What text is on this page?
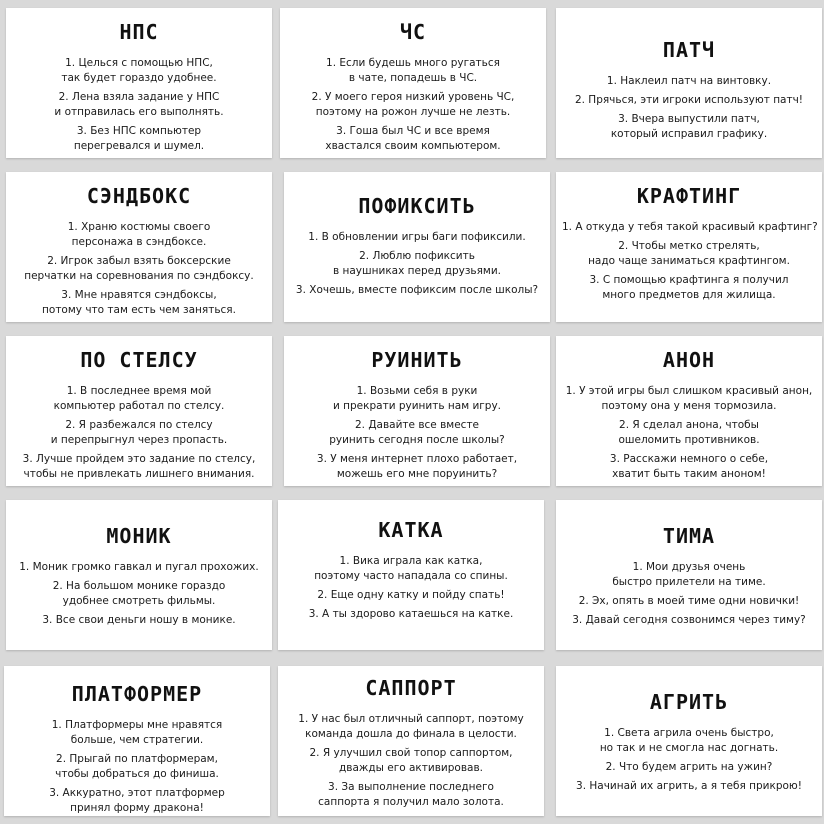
НПС
1. Целься с помощью НПС,
так будет гораздо удобнее.
2. Лена взяла задание у НПС
и отправилась его выполнять.
3. Без НПС компьютер
перегревался и шумел.
ЧС
1. Если будешь много ругаться
в чате, попадешь в ЧС.
2. У моего героя низкий уровень ЧС,
поэтому на рожон лучше не лезть.
3. Гоша был ЧС и все время
хвастался своим компьютером.
ПАТЧ
1. Наклеил патч на винтовку.
2. Прячься, эти игроки используют патч!
3. Вчера выпустили патч,
который исправил графику.
СЭНДБОКС
1. Храню костюмы своего
персонажа в сэндбоксе.
2. Игрок забыл взять боксерские
перчатки на соревнования по сэндбоксу.
3. Мне нравятся сэндбоксы,
потому что там есть чем заняться.
ПОФИКСИТЬ
1. В обновлении игры баги пофиксили.
2. Люблю пофиксить
в наушниках перед друзьями.
3. Хочешь, вместе пофиксим после школы?
КРАФТИНГ
1. А откуда у тебя такой красивый крафтинг?
2. Чтобы метко стрелять,
надо чаще заниматься крафтингом.
3. С помощью крафтинга я получил
много предметов для жилища.
ПО СТЕЛСУ
1. В последнее время мой
компьютер работал по стелсу.
2. Я разбежался по стелсу
и перепрыгнул через пропасть.
3. Лучше пройдем это задание по стелсу,
чтобы не привлекать лишнего внимания.
РУИНИТЬ
1. Возьми себя в руки
и прекрати руинить нам игру.
2. Давайте все вместе
руинить сегодня после школы?
3. У меня интернет плохо работает,
можешь его мне поруинить?
АНОН
1. У этой игры был слишком красивый анон,
поэтому она у меня тормозила.
2. Я сделал анона, чтобы
ошеломить противников.
3. Расскажи немного о себе,
хватит быть таким аноном!
МОНИК
1. Моник громко гавкал и пугал прохожих.
2. На большом монике гораздо
удобнее смотреть фильмы.
3. Все свои деньги ношу в монике.
КАТКА
1. Вика играла как катка,
поэтому часто нападала со спины.
2. Еще одну катку и пойду спать!
3. А ты здорово катаешься на катке.
ТИМА
1. Мои друзья очень
быстро прилетели на тиме.
2. Эх, опять в моей тиме одни новички!
3. Давай сегодня созвонимся через тиму?
ПЛАТФОРМЕР
1. Платформеры мне нравятся
больше, чем стратегии.
2. Прыгай по платформерам,
чтобы добраться до финиша.
3. Аккуратно, этот платформер
принял форму дракона!
САППОРТ
1. У нас был отличный саппорт, поэтому
команда дошла до финала в целости.
2. Я улучшил свой топор саппортом,
дважды его активировав.
3. За выполнение последнего
саппорта я получил мало золота.
АГРИТЬ
1. Света агрила очень быстро,
но так и не смогла нас догнать.
2. Что будем агрить на ужин?
3. Начинай их агрить, а я тебя прикрою!
